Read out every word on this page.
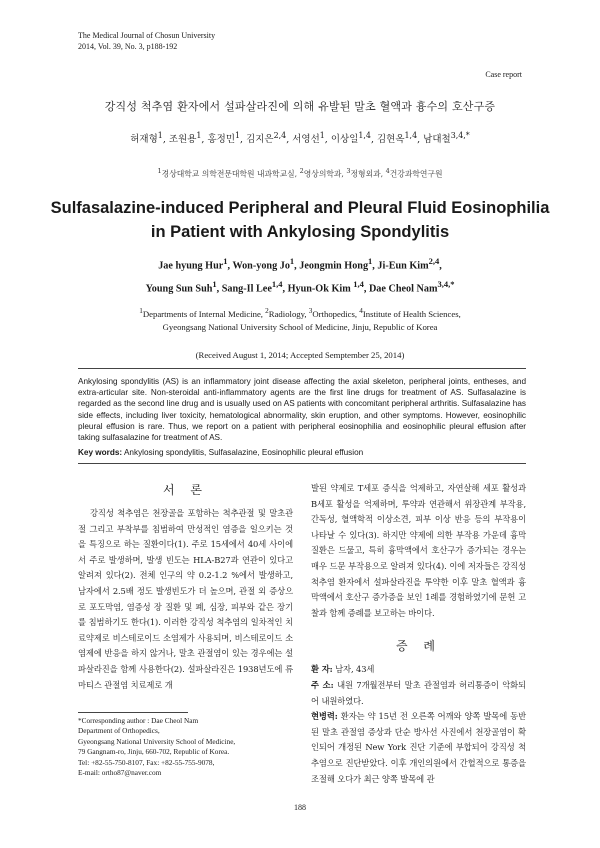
The Medical Journal of Chosun University
2014, Vol. 39, No. 3, p188-192
Case report
강직성 척추염 환자에서 설파살라진에 의해 유발된 말초 혈액과 흉수의 호산구증
허재형$^1$, 조원용$^1$, 홍정민$^1$, 김지은$^{2,4}$, 서영선$^1$, 이상일$^{1,4}$, 김현옥$^{1,4}$, 남대철$^{3,4,*}$
$^1$경상대학교 의학전문대학원 내과학교실, $^2$영상의학과, $^3$정형외과, $^4$건강과학연구원
Sulfasalazine-induced Peripheral and Pleural Fluid Eosinophilia
in Patient with Ankylosing Spondylitis
Jae hyung Hur$^1$, Won-yong Jo$^1$, Jeongmin Hong$^1$, Ji-Eun Kim$^{2,4}$,
Young Sun Suh$^1$, Sang-Il Lee$^{1,4}$, Hyun-Ok Kim $^{1,4}$, Dae Cheol Nam$^{3,4,*}$
$^1$Departments of Internal Medicine, $^2$Radiology, $^3$Orthopedics, $^4$Institute of Health Sciences,
Gyeongsang National University School of Medicine, Jinju, Republic of Korea
(Received August 1, 2014; Accepted Semptember 25, 2014)
Ankylosing spondylitis (AS) is an inflammatory joint disease affecting the axial skeleton, peripheral joints, entheses, and extra-articular site. Non-steroidal anti-inflammatory agents are the first line drugs for treatment of AS. Sulfasalazine is regarded as the second line drug and is usually used on AS patients with concomitant peripheral arthritis. Sulfasalazine has side effects, including liver toxicity, hematological abnormality, skin eruption, and other symptoms. However, eosinophilic pleural effusion is rare. Thus, we report on a patient with peripheral eosinophilia and eosinophilic pleural effusion after taking sulfasalazine for treatment of AS.
Key words: Ankylosing spondylitis, Sulfasalazine, Eosinophilic pleural effusion
서 론

강직성 척추염은 천장골을 포함하는 척추관절 및 말초관절 그리고 부착부를 침범하여 만성적인 염증을 일으키는 것을 특징으로 하는 질환이다(1). 주로 15세에서 40세 사이에서 주로 발생하며, 발생 빈도는 HLA-B27과 연관이 있다고 알려져 있다(2). 전체 인구의 약 0.2-1.2 %에서 발생하고, 남자에서 2.5배 정도 발생빈도가 더 높으며, 관절 외 증상으로 포도막염, 염증성 장 질환 및 폐, 심장, 피부와 같은 장기를 침범하기도 한다(1). 이러한 강직성 척추염의 일차적인 치료약제로 비스테로이드 소염제가 사용되며, 비스테로이드 소염제에 반응을 하지 않거나, 말초 관절염이 있는 경우에는 설파살라진을 함께 사용한다(2). 설파살라진은 1938년도에 류마티스 관절염 치료제로 개

*Corresponding author : Dae Cheol Nam
Department of Orthopedics,
Gyeongsang National University School of Medicine,
79 Gangnam-ro, Jinju, 660-702, Republic of Korea.
Tel: +82-55-750-8107, Fax: +82-55-755-9078,
E-mail: ortho87@naver.com

발된 약제로 T세포 증식을 억제하고, 자연살해 세포 활성과 B세포 활성을 억제하며, 투약과 연관해서 위장관계 부작용, 간독성, 혈액학적 이상소견, 피부 이상 반응 등의 부작용이 나타날 수 있다(3). 하지만 약제에 의한 부작용 가운데 흉막 질환은 드물고, 특히 흉막액에서 호산구가 증가되는 경우는 매우 드문 부작용으로 알려져 있다(4). 이에 저자들은 강직성 척추염 환자에서 설파살라진을 투약한 이후 말초 혈액과 흉막액에서 호산구 증가증을 보인 1례를 경험하였기에 문헌 고찰과 함께 증례를 보고하는 바이다.

증 례

환 자: 남자, 43세

주 소: 내원 7개월전부터 말초 관절염과 허리통증이 악화되어 내원하였다.

현병력: 환자는 약 15년 전 오른쪽 어깨와 양쪽 발목에 동반된 말초 관절염 증상과 단순 방사선 사진에서 천장골염이 확인되어 개정된 New York 진단 기준에 부합되어 강직성 척추염으로 진단받았다. 이후 개인의원에서 간헐적으로 통증을 조절해 오다가 최근 양쪽 발목에 관

188
